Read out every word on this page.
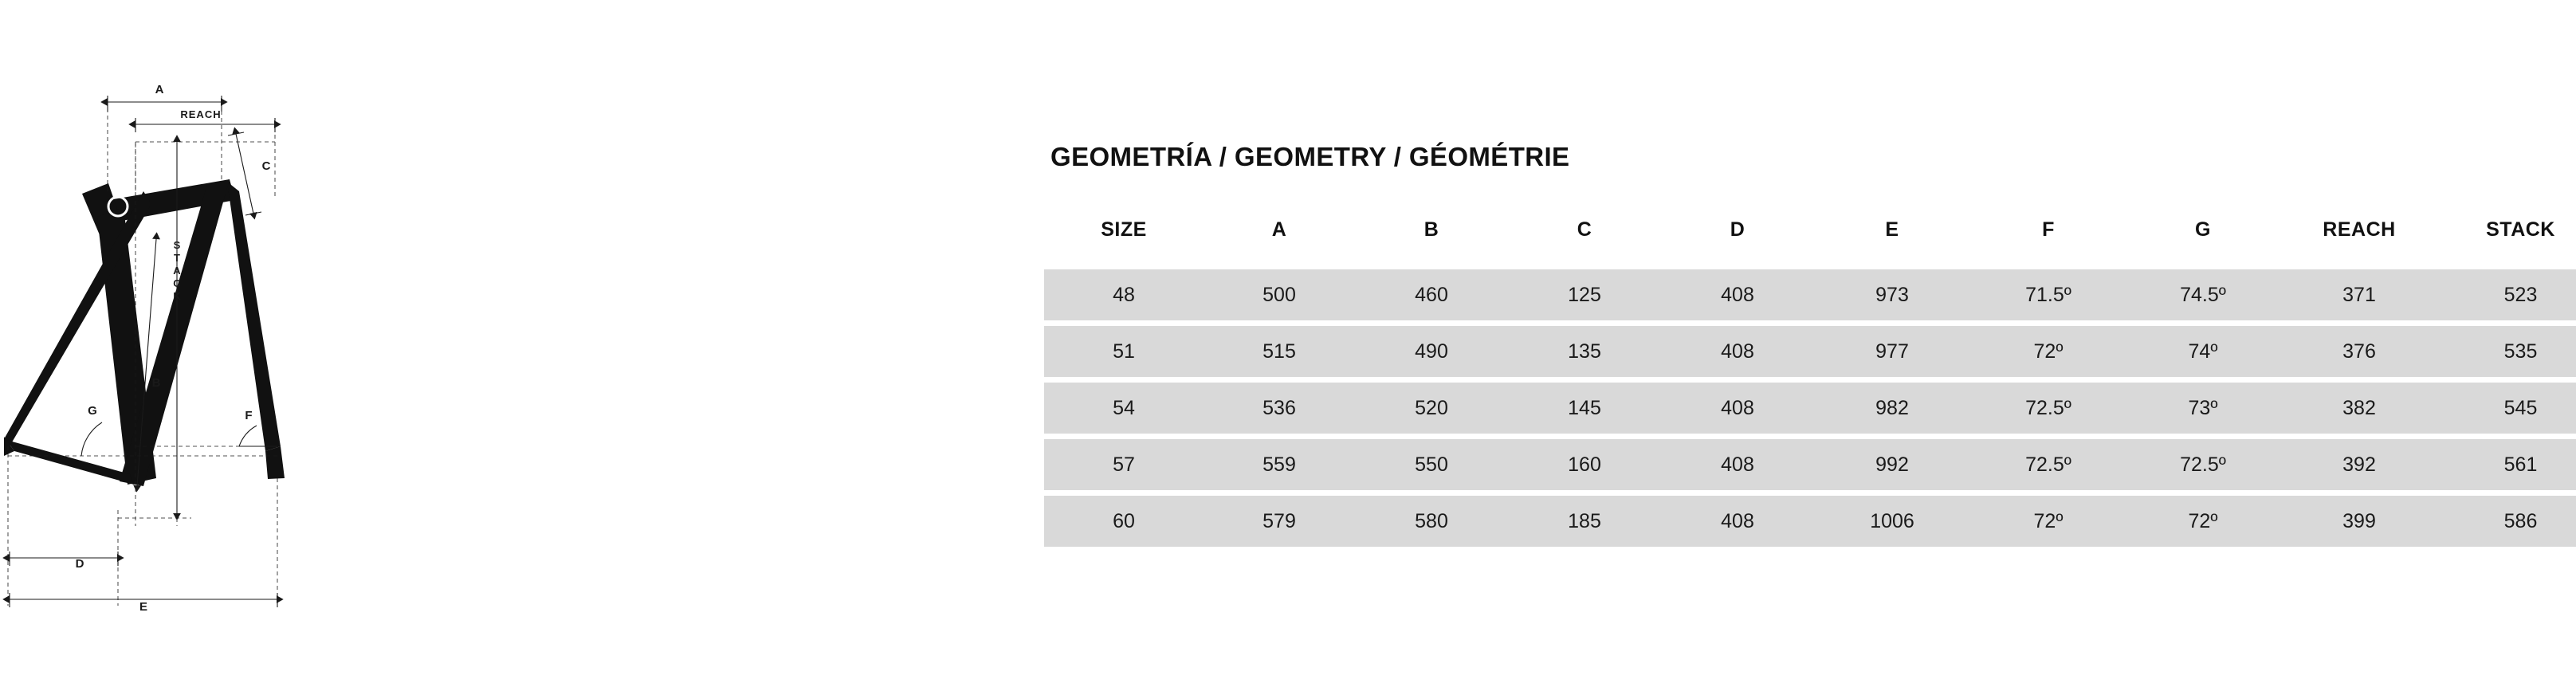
A
REACH
C
B
D
E
F
G
S
T
A
C
K
GEOMETRÍA / GEOMETRY / GÉOMÉTRIE
SIZE	A	B	C	D	E	F	G	REACH	STACK
48	500	460	125	408	973	71.5º	74.5º	371	523
51	515	490	135	408	977	72º	74º	376	535
54	536	520	145	408	982	72.5º	73º	382	545
57	559	550	160	408	992	72.5º	72.5º	392	561
60	579	580	185	408	1006	72º	72º	399	586
